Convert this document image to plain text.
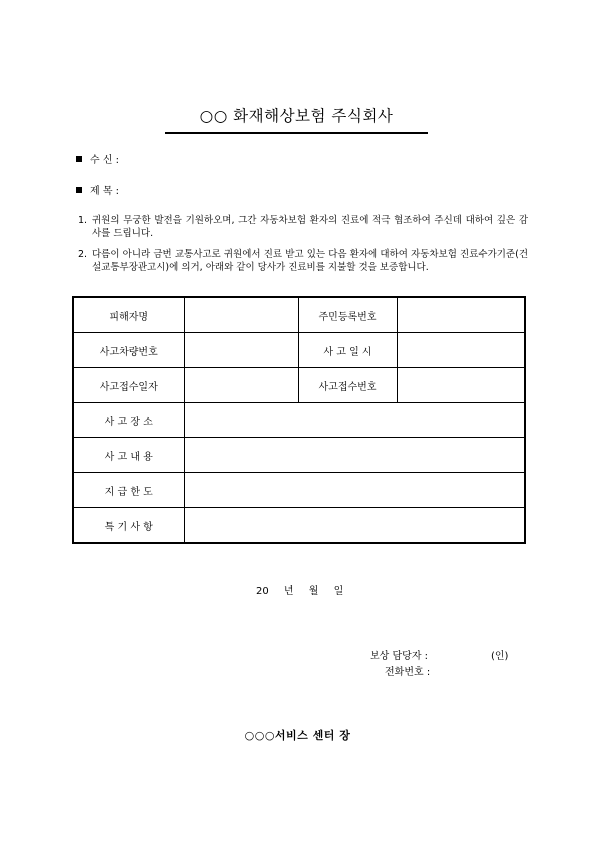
○○ 화재해상보험 주식회사
수 신 :
제 목 :
1. 귀원의 무궁한 발전을 기원하오며, 그간 자동차보험 환자의 진료에 적극 협조하여 주신데 대하여 깊은 감사를 드립니다.
2. 다름이 아니라 금번 교통사고로 귀원에서 진료 받고 있는 다음 환자에 대하여 자동차보험 진료수가기준(건설교통부장관고시)에 의거, 아래와 같이 당사가 진료비를 지불할 것을 보증합니다.
피해자명		주민등록번호	
사고차량번호		사 고 일 시	
사고접수일자		사고접수번호	
사 고 장 소			
사 고 내 용			
지 급 한 도			
특 기 사 항			
20 년 월 일
보상 담당자 :	(인)
전화번호 :
○○○서비스 센터 장
